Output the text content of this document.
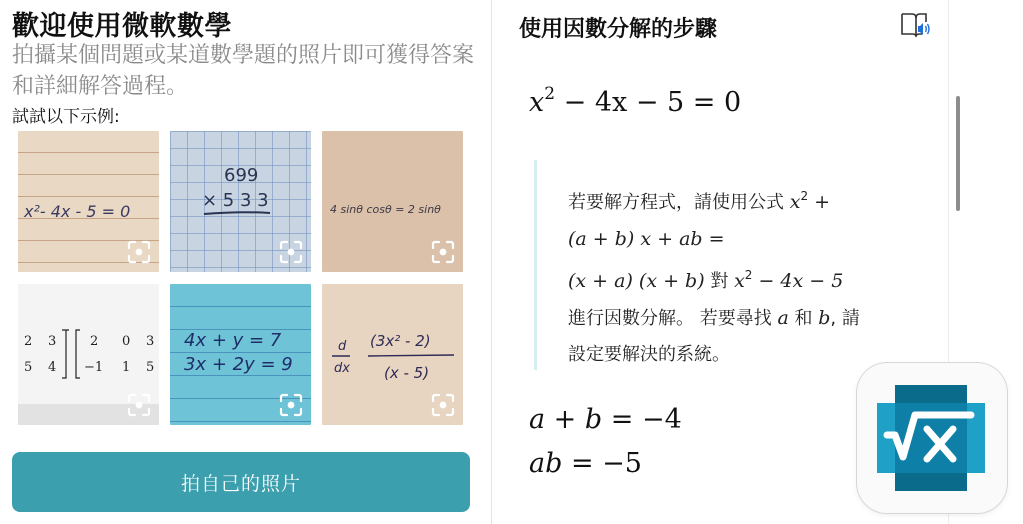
歡迎使用微軟數學
拍攝某個問題或某道數學題的照片即可獲得答案和詳細解答過程。
試試以下示例:
x²- 4x - 5 = 0
699
× 5 3 3	4 sinθ cosθ = 2 sinθ
2 3
5 4
2 0 3
−1 1 5
4x + y = 7
3x + 2y = 9
d
dx
(3x² - 2)
(x - 5)
拍自己的照片
使用因數分解的步驟
$x^2 - 4x - 5 = 0$
若要解方程式，請使用公式 $x^2$ +
(a + b) x + ab =
(x + a) (x + b) 對 $x^2 - 4x - 5$
進行因數分解。 若要尋找 a 和 b, 請
設定要解決的系統。
a + b = −4
ab = −5
